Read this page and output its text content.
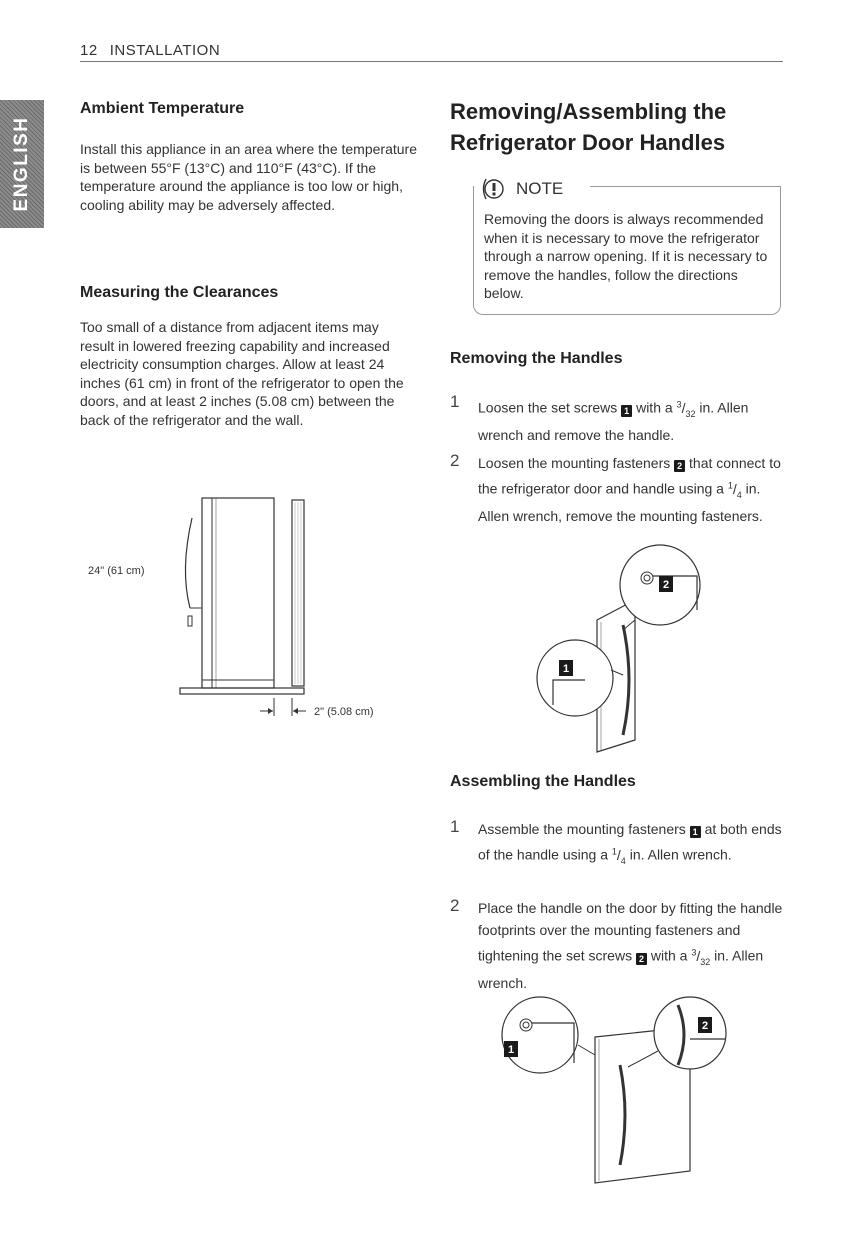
12 INSTALLATION
ENGLISH
Ambient Temperature

Install this appliance in an area where the temperature is between 55°F (13°C) and 110°F (43°C). If the temperature around the appliance is too low or high, cooling ability may be adversely affected.

Measuring the Clearances

Too small of a distance from adjacent items may result in lowered freezing capability and increased electricity consumption charges. Allow at least 24 inches (61 cm) in front of the refrigerator to open the doors, and at least 2 inches (5.08 cm) between the back of the refrigerator and the wall.

24" (61 cm)
2" (5.08 cm)
Removing/Assembling the
Refrigerator Door Handles
NOTE

Removing the doors is always recommended when it is necessary to move the refrigerator through a narrow opening. If it is necessary to remove the handles, follow the directions below.

Removing the Handles
1	Loosen the set screws 1 with a $^3/_{32}$ in. Allen wrench and remove the handle.

2	Loosen the mounting fasteners 2 that connect to the refrigerator door and handle using a $^1/_4$ in. Allen wrench, remove the mounting fasteners.

2
1
Assembling the Handles
1	Assemble the mounting fasteners 1 at both ends of the handle using a $^1/_4$ in. Allen wrench.

2	Place the handle on the door by fitting the handle footprints over the mounting fasteners and tightening the set screws 2 with a $^3/_{32}$ in. Allen wrench.

1
2
